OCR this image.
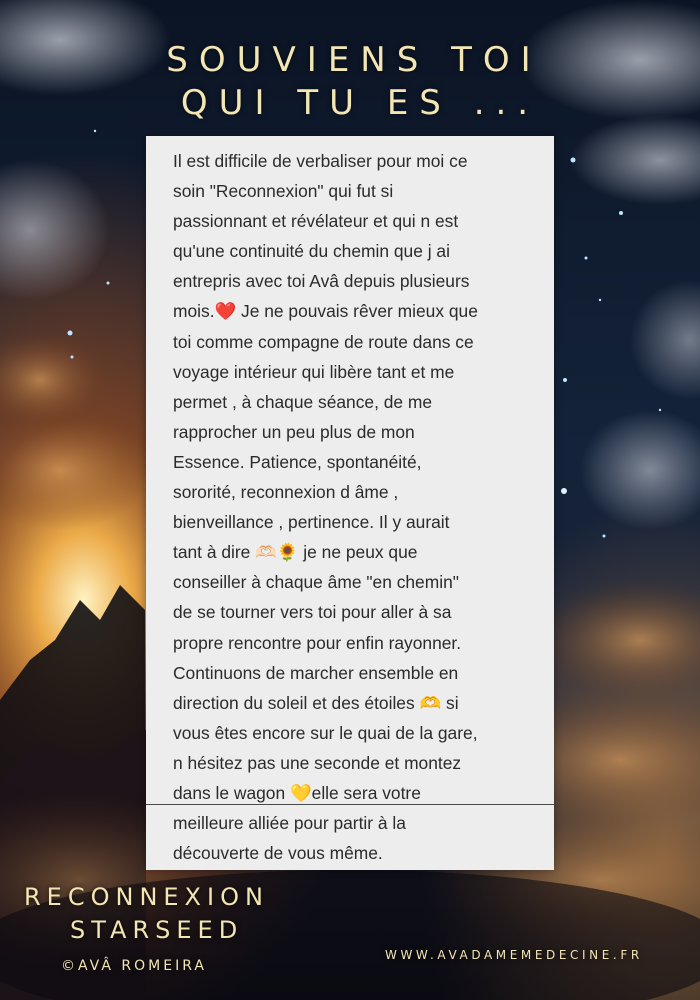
SOUVIENS TOI
QUI TU ES ...
Il est difficile de verbaliser pour moi ce
soin "Reconnexion" qui fut si
passionnant et révélateur et qui n est
qu'une continuité du chemin que j ai
entrepris avec toi Avâ depuis plusieurs
mois.❤️ Je ne pouvais rêver mieux que
toi comme compagne de route dans ce
voyage intérieur qui libère tant et me
permet , à chaque séance, de me
rapprocher un peu plus de mon
Essence. Patience, spontanéité,
sororité, reconnexion d âme ,
bienveillance , pertinence. Il y aurait
tant à dire 🫶🏻🌻 je ne peux que
conseiller à chaque âme "en chemin"
de se tourner vers toi pour aller à sa
propre rencontre pour enfin rayonner.
Continuons de marcher ensemble en
direction du soleil et des étoiles 🫶 si
vous êtes encore sur le quai de la gare,
n hésitez pas une seconde et montez
dans le wagon 💛elle sera votre
meilleure alliée pour partir à la
découverte de vous même.
RECONNEXION
STARSEED
©AVÂ ROMEIRA
WWW.AVADAMEMEDECINE.FR
